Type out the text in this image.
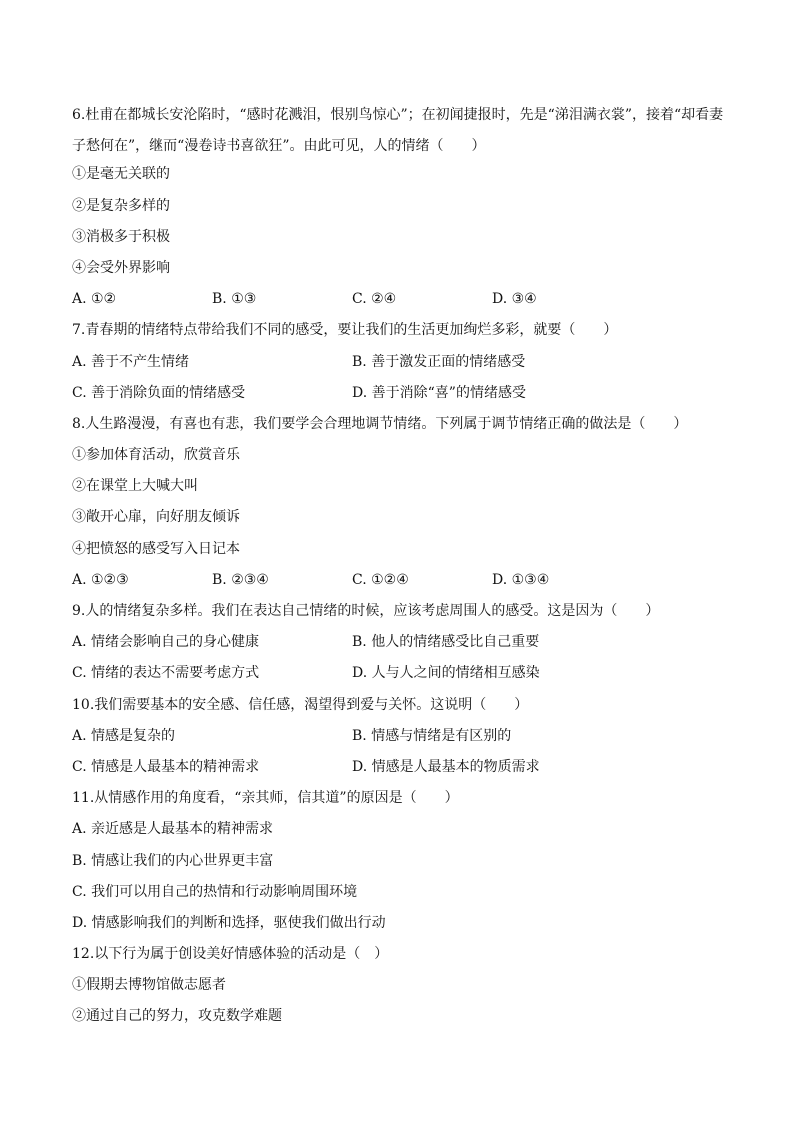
6.杜甫在都城长安沦陷时，“感时花溅泪，恨别鸟惊心”；在初闻捷报时，先是“涕泪满衣裳”，接着“却看妻子愁何在”，继而“漫卷诗书喜欲狂”。由此可见，人的情绪（　　）
①是毫无关联的
②是复杂多样的
③消极多于积极
④会受外界影响
A. ①②	B. ①③	C. ②④	D. ③④
7.青春期的情绪特点带给我们不同的感受，要让我们的生活更加绚烂多彩，就要（　　）
A. 善于不产生情绪	B. 善于激发正面的情绪感受
C. 善于消除负面的情绪感受	D. 善于消除“喜”的情绪感受
8.人生路漫漫，有喜也有悲，我们要学会合理地调节情绪。下列属于调节情绪正确的做法是（　　）
①参加体育活动，欣赏音乐
②在课堂上大喊大叫
③敞开心扉，向好朋友倾诉
④把愤怒的感受写入日记本
A. ①②③	B. ②③④	C. ①②④	D. ①③④
9.人的情绪复杂多样。我们在表达自己情绪的时候，应该考虑周围人的感受。这是因为（　　）
A. 情绪会影响自己的身心健康	B. 他人的情绪感受比自己重要
C. 情绪的表达不需要考虑方式	D. 人与人之间的情绪相互感染
10.我们需要基本的安全感、信任感，渴望得到爱与关怀。这说明（　　）
A. 情感是复杂的	B. 情感与情绪是有区别的
C. 情感是人最基本的精神需求	D. 情感是人最基本的物质需求
11.从情感作用的角度看，“亲其师，信其道”的原因是（　　）
A. 亲近感是人最基本的精神需求
B. 情感让我们的内心世界更丰富
C. 我们可以用自己的热情和行动影响周围环境
D. 情感影响我们的判断和选择，驱使我们做出行动
12.以下行为属于创设美好情感体验的活动是（　）
①假期去博物馆做志愿者
②通过自己的努力，攻克数学难题
